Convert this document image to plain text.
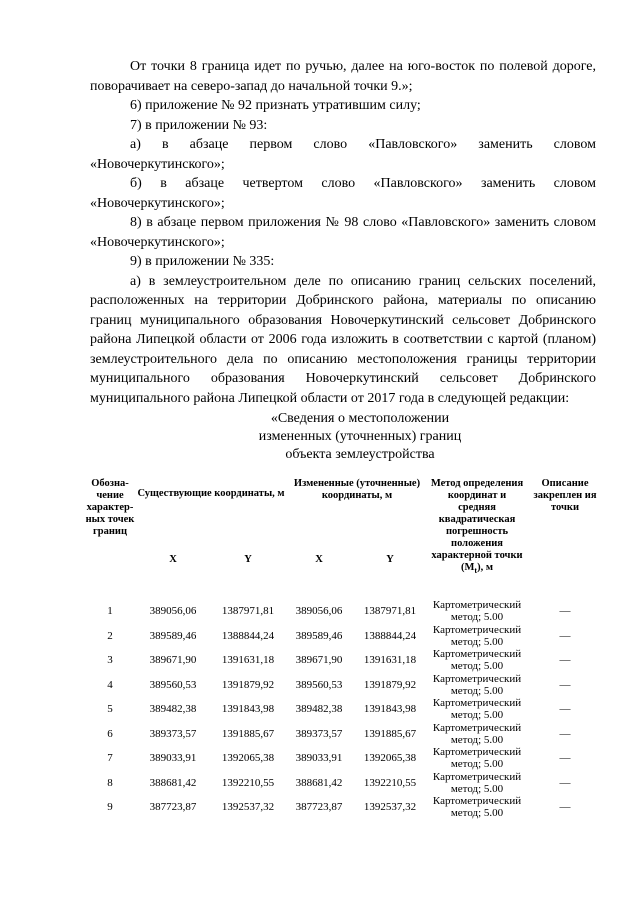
От точки 8 граница идет по ручью, далее на юго-восток по полевой дороге, поворачивает на северо-запад до начальной точки 9.»;

6) приложение № 92 признать утратившим силу;

7) в приложении № 93:

а) в абзаце первом слово «Павловского» заменить словом «Новочеркутинского»;

б) в абзаце четвертом слово «Павловского» заменить словом «Новочеркутинского»;

8) в абзаце первом приложения № 98 слово «Павловского» заменить словом «Новочеркутинского»;

9) в приложении № 335:

а) в землеустроительном деле по описанию границ сельских поселений, расположенных на территории Добринского района, материалы по описанию границ муниципального образования Новочеркутинский сельсовет Добринского района Липецкой области от 2006 года изложить в соответствии с картой (планом) землеустроительного дела по описанию местоположения границы территории муниципального образования Новочеркутинский сельсовет Добринского муниципального района Липецкой области от 2017 года в следующей редакции:

«Сведения о местоположении
измененных (уточненных) границ
объекта землеустройства
Обозна-чение характер-ных точек границ	Существующие координаты, м		Измененные (уточненные) координаты, м		Метод определения координат и средняя квадратическая погрешность положения характерной точки
$(M_t)$, м	Описание закреплен ия точки
	X	Y	X	Y		

1	389056,06	1387971,81	389056,06	1387971,81	Картометрический метод; 5.00	—
2	389589,46	1388844,24	389589,46	1388844,24	Картометрический метод; 5.00	—
3	389671,90	1391631,18	389671,90	1391631,18	Картометрический метод; 5.00	—
4	389560,53	1391879,92	389560,53	1391879,92	Картометрический метод; 5.00	—
5	389482,38	1391843,98	389482,38	1391843,98	Картометрический метод; 5.00	—
6	389373,57	1391885,67	389373,57	1391885,67	Картометрический метод; 5.00	—
7	389033,91	1392065,38	389033,91	1392065,38	Картометрический метод; 5.00	—
8	388681,42	1392210,55	388681,42	1392210,55	Картометрический метод; 5.00	—
9	387723,87	1392537,32	387723,87	1392537,32	Картометрический метод; 5.00	—
